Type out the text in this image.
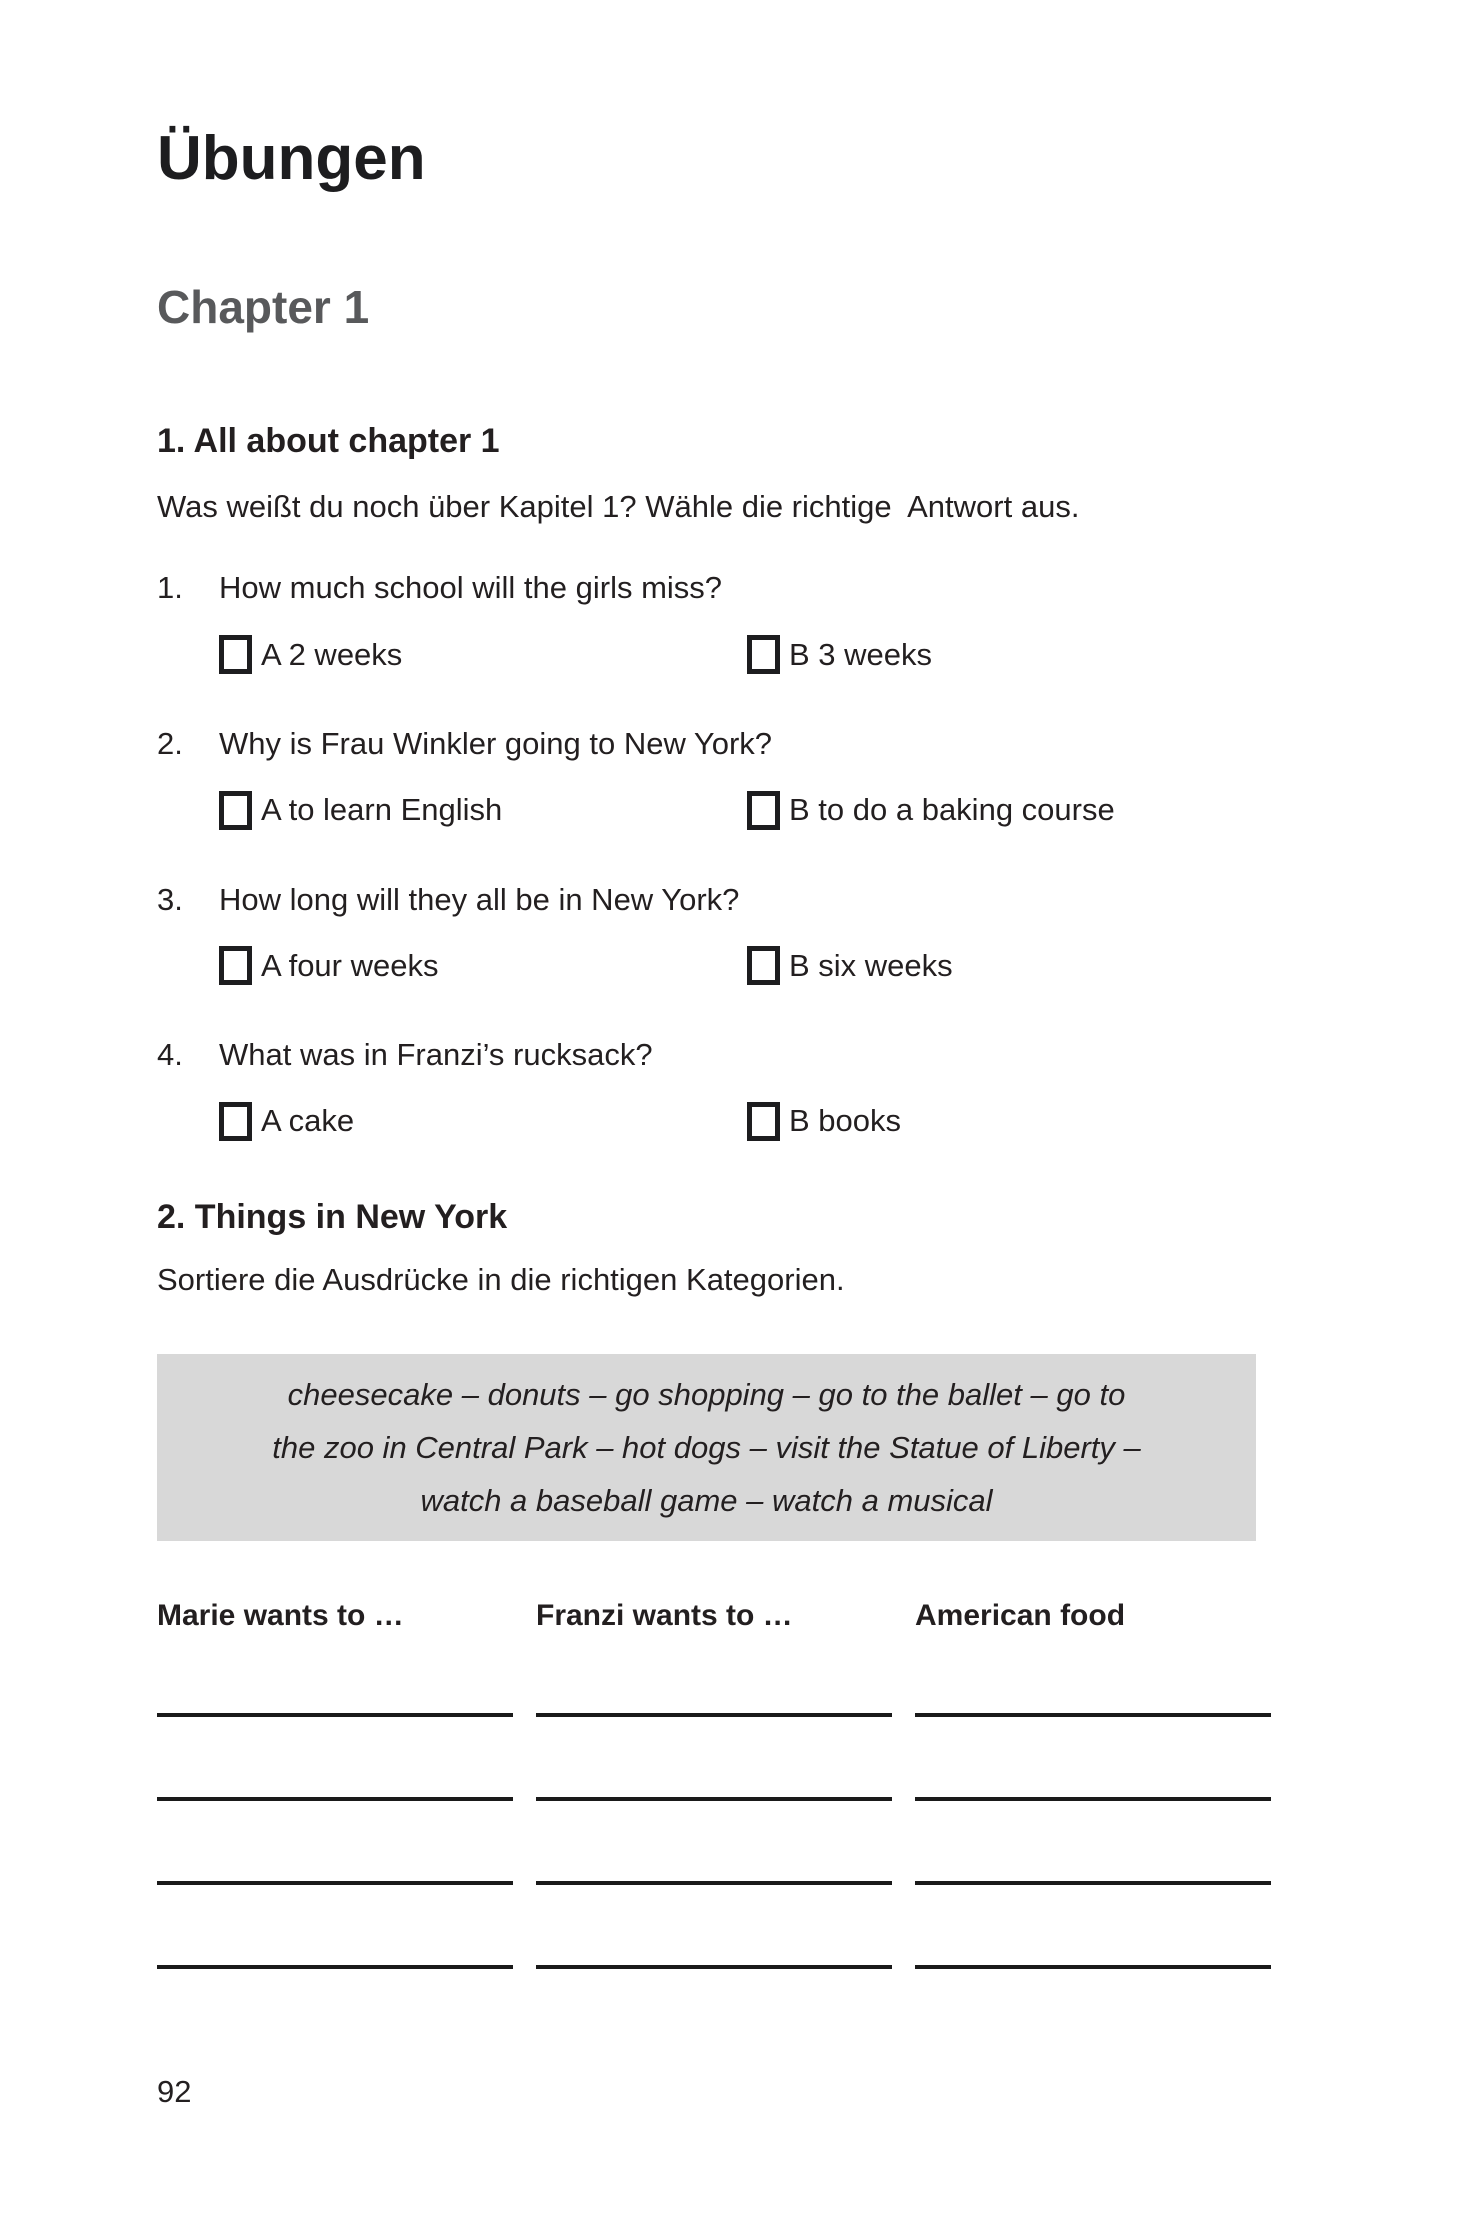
Übungen
Chapter 1
1. All about chapter 1
Was weißt du noch über Kapitel 1? Wähle die richtige  Antwort aus.
1.	How much school will the girls miss?
A 2 weeks	B 3 weeks
2.	Why is Frau Winkler going to New York?
A to learn English	B to do a baking course
3.	How long will they all be in New York?
A four weeks	B six weeks
4.	What was in Franzi’s rucksack?
A cake	B books
2. Things in New York
Sortiere die Ausdrücke in die richtigen Kategorien.
cheesecake – donuts – go shopping – go to the ballet – go to
the zoo in Central Park – hot dogs – visit the Statue of Liberty –
watch a baseball game – watch a musical
Marie wants to …	Franzi wants to …	American food
92
